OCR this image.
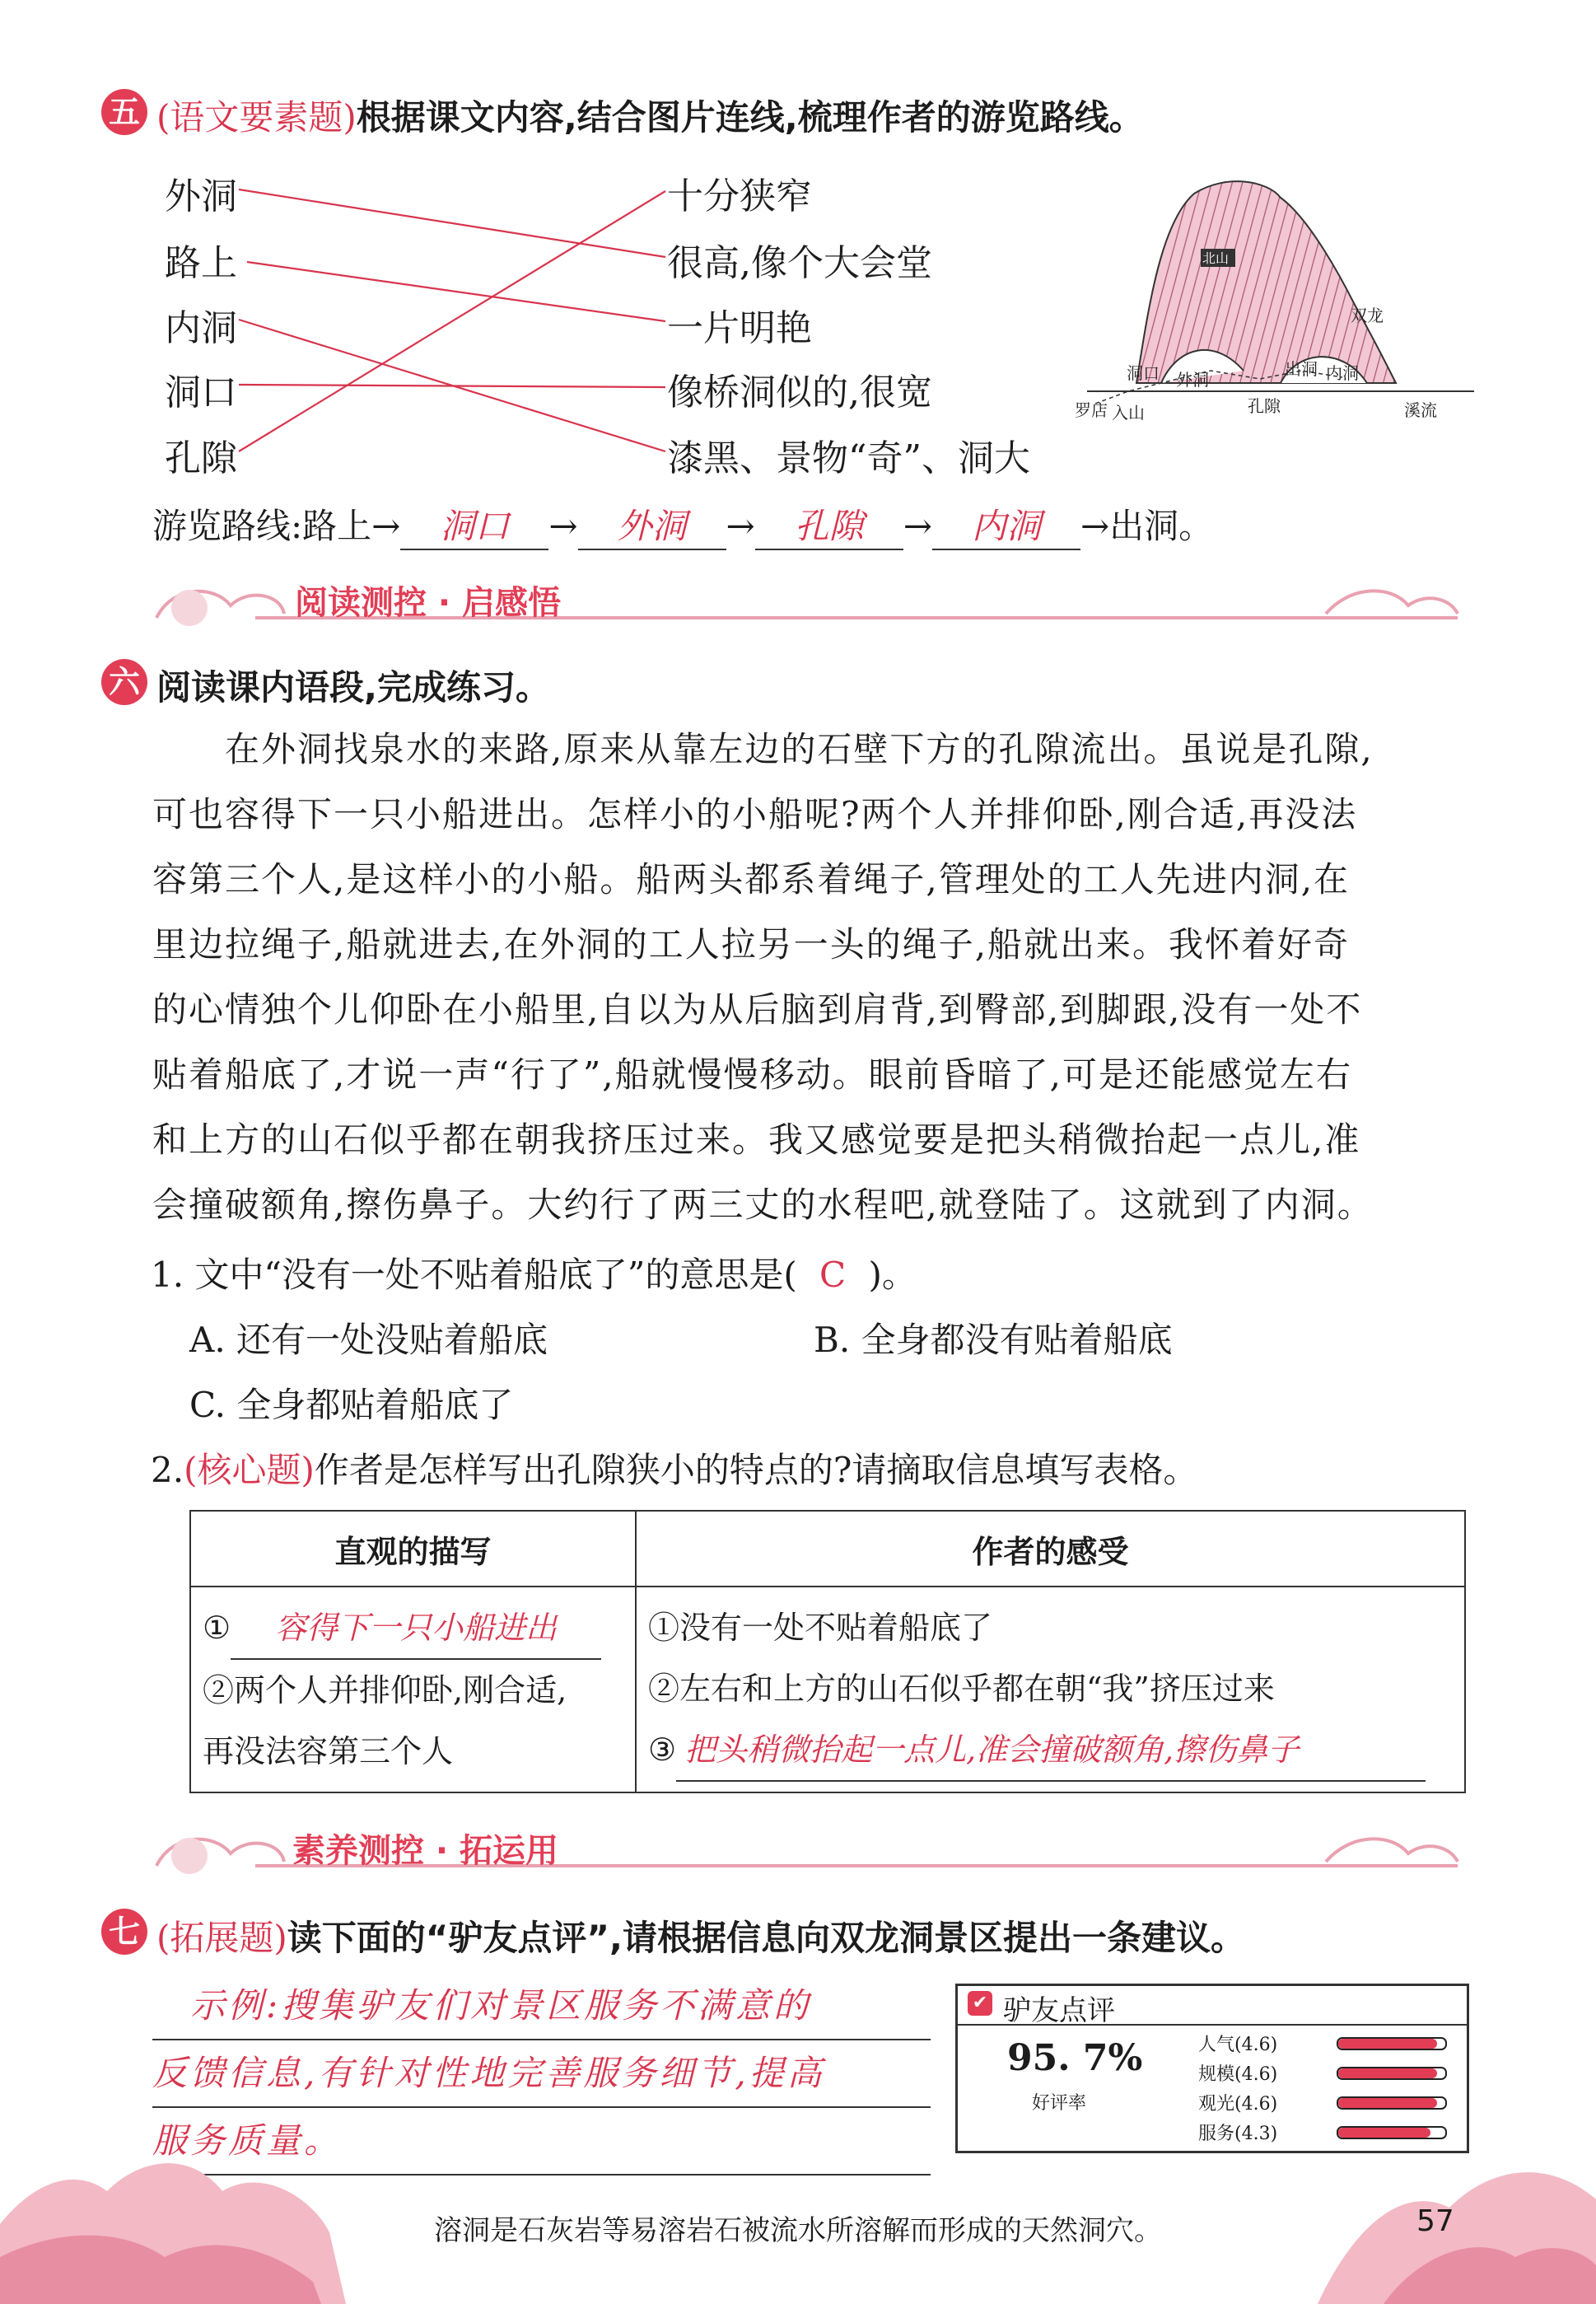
五 (语文要素题)根据课文内容,结合图片连线,梳理作者的游览路线。
外洞
路上
内洞
洞口
孔隙
十分狭窄
很高,像个大会堂
一片明艳
像桥洞似的,很宽
漆黑、景物“奇”、洞大
北山
罗店 入山
洞口 外洞
孔隙
出洞 内洞
双龙
溪流
游览路线:路上→ 洞口 → 外洞 → 孔隙 → 内洞 →出洞。
阅读测控 · 启感悟
六 阅读课内语段,完成练习。
　　在外洞找泉水的来路,原来从靠左边的石壁下方的孔隙流出。虽说是孔隙,
可也容得下一只小船进出。怎样小的小船呢?两个人并排仰卧,刚合适,再没法
容第三个人,是这样小的小船。船两头都系着绳子,管理处的工人先进内洞,在
里边拉绳子,船就进去,在外洞的工人拉另一头的绳子,船就出来。我怀着好奇
的心情独个儿仰卧在小船里,自以为从后脑到肩背,到臀部,到脚跟,没有一处不
贴着船底了,才说一声“行了”,船就慢慢移动。眼前昏暗了,可是还能感觉左右
和上方的山石似乎都在朝我挤压过来。我又感觉要是把头稍微抬起一点儿,准
会撞破额角,擦伤鼻子。大约行了两三丈的水程吧,就登陆了。这就到了内洞。
1. 文中“没有一处不贴着船底了”的意思是( C )。
A. 还有一处没贴着船底	B. 全身都没有贴着船底
C. 全身都贴着船底了
2.(核心题)作者是怎样写出孔隙狭小的特点的?请摘取信息填写表格。
直观的描写	作者的感受

① 容得下一只小船进出
②两个人并排仰卧,刚合适,
再没法容第三个人	①没有一处不贴着船底了
②左右和上方的山石似乎都在朝“我”挤压过来
③ 把头稍微抬起一点儿,准会撞破额角,擦伤鼻子
素养测控 · 拓运用
七 (拓展题)读下面的“驴友点评”,请根据信息向双龙洞景区提出一条建议。
　示例:搜集驴友们对景区服务不满意的
反馈信息,有针对性地完善服务细节,提高
服务质量。
✔ 驴友点评
95. 7%
好评率
人气(4.6)
规模(4.6)
观光(4.6)
服务(4.3)
溶洞是石灰岩等易溶岩石被流水所溶解而形成的天然洞穴。	57
